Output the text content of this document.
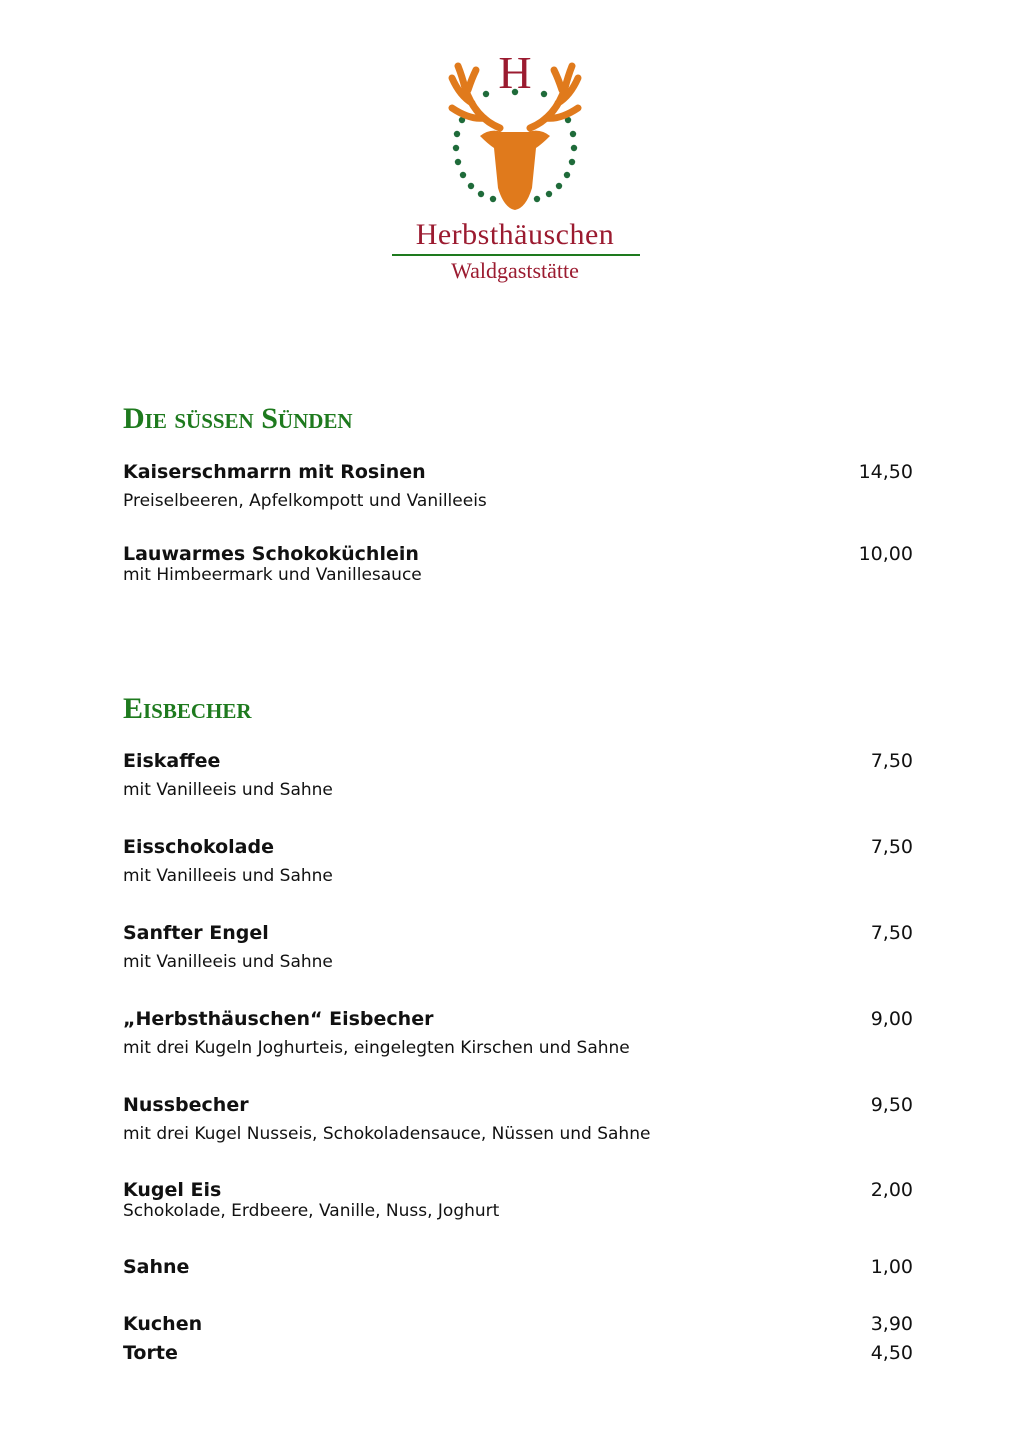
H
Herbsthäuschen
Waldgaststätte
Die süßen Sünden
Kaiserschmarrn mit Rosinen	14,50
Preiselbeeren, Apfelkompott und Vanilleeis
Lauwarmes Schokoküchlein	10,00
mit Himbeermark und Vanillesauce
Eisbecher
Eiskaffee	7,50
mit Vanilleeis und Sahne
Eisschokolade	7,50
mit Vanilleeis und Sahne
Sanfter Engel	7,50
mit Vanilleeis und Sahne
„Herbsthäuschen“ Eisbecher	9,00
mit drei Kugeln Joghurteis, eingelegten Kirschen und Sahne
Nussbecher	9,50
mit drei Kugel Nusseis, Schokoladensauce, Nüssen und Sahne
Kugel Eis	2,00
Schokolade, Erdbeere, Vanille, Nuss, Joghurt
Sahne	1,00
Kuchen	3,90
Torte	4,50
